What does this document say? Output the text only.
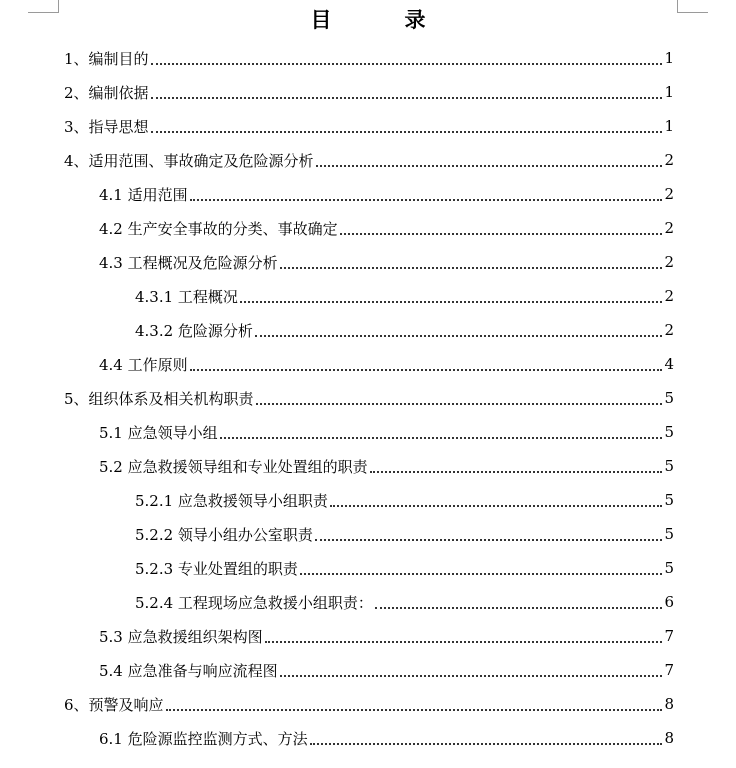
目　录
1、编制目的	1
2、编制依据	1
3、指导思想	1
4、适用范围、事故确定及危险源分析	2
4.1 适用范围	2
4.2 生产安全事故的分类、事故确定	2
4.3 工程概况及危险源分析	2
4.3.1 工程概况	2
4.3.2 危险源分析	2
4.4 工作原则	4
5、组织体系及相关机构职责	5
5.1 应急领导小组	5
5.2 应急救援领导组和专业处置组的职责	5
5.2.1 应急救援领导小组职责	5
5.2.2 领导小组办公室职责	5
5.2.3 专业处置组的职责	5
5.2.4 工程现场应急救援小组职责：	6
5.3 应急救援组织架构图	7
5.4 应急准备与响应流程图	7
6、预警及响应	8
6.1 危险源监控监测方式、方法	8
